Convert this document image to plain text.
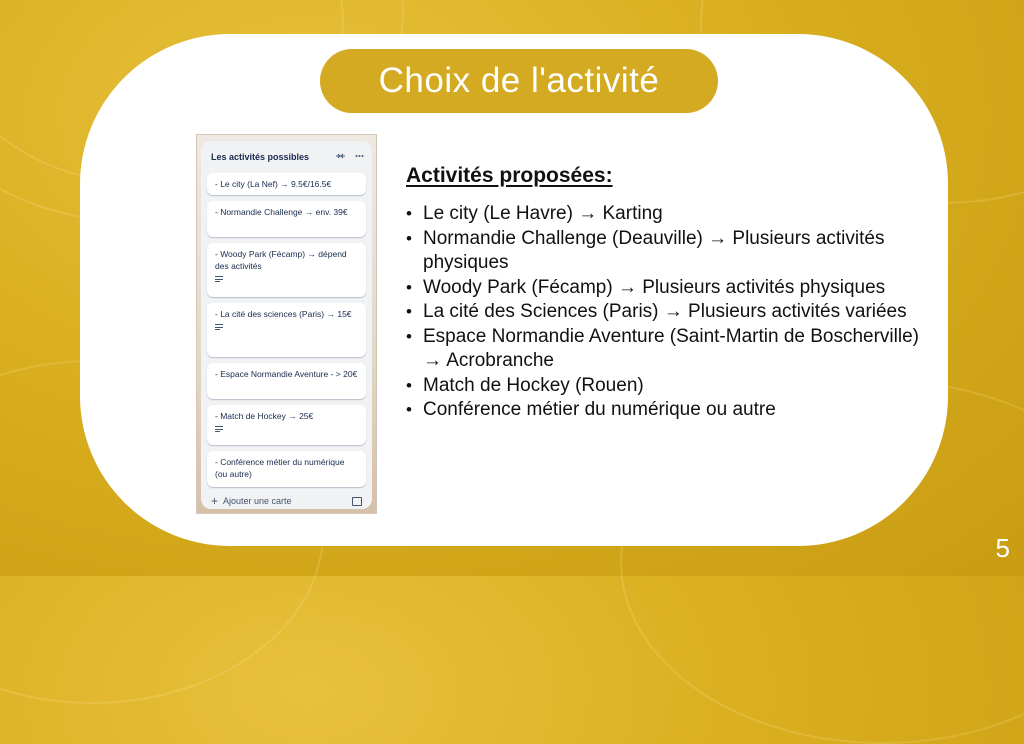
Choix de l'activité
Les activités possibles
- Le city (La Nef) → 9.5€/16.5€
- Normandie Challenge → env. 39€
- Woody Park (Fécamp) → dépend des activités
- La cité des sciences (Paris) → 15€
- Espace Normandie Aventure - > 20€
- Match de Hockey → 25€
- Conférence métier du numérique (ou autre)
+ Ajouter une carte
Activités proposées:
• Le city (Le Havre) → Karting
• Normandie Challenge (Deauville) → Plusieurs activités physiques
• Woody Park (Fécamp) → Plusieurs activités physiques
• La cité des Sciences (Paris) → Plusieurs activités variées
• Espace Normandie Aventure (Saint-Martin de Boscherville) → Acrobranche
• Match de Hockey (Rouen)
• Conférence métier du numérique ou autre
5
